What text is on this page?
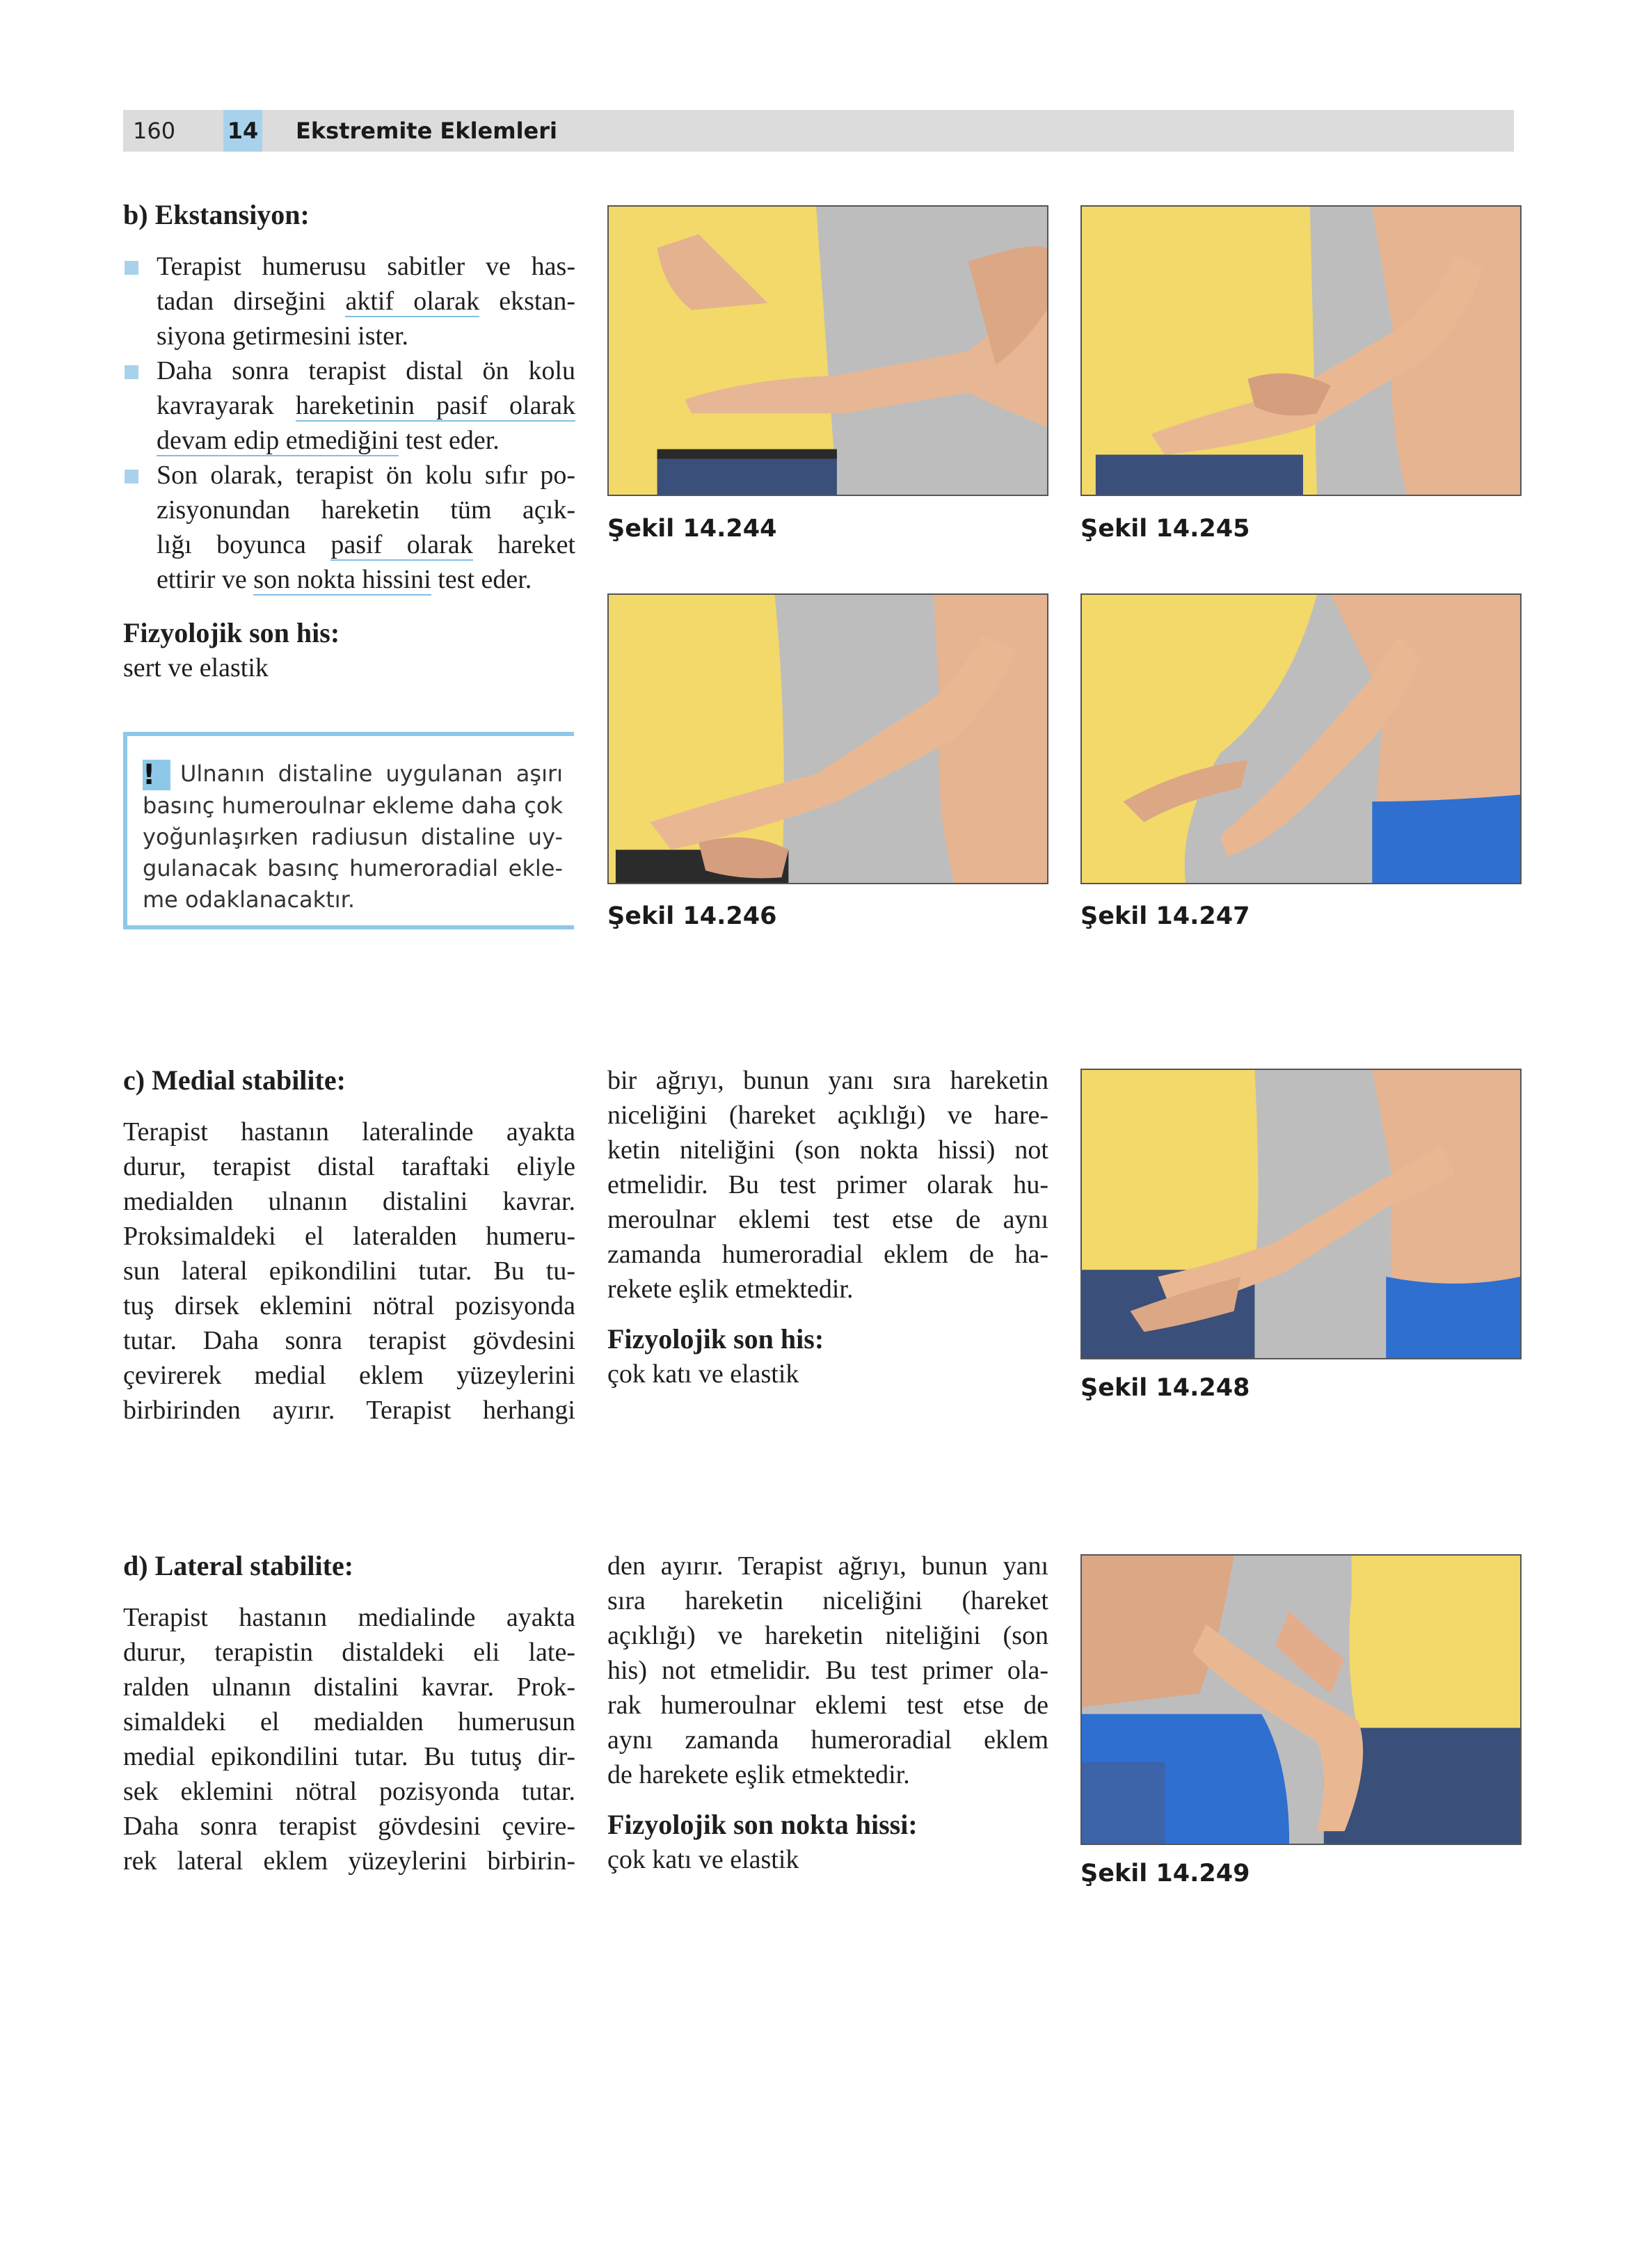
160 14 Ekstremite Eklemleri
b) Ekstansiyon:
Terapist humerusu sabitler ve has-
tadan dirseğini aktif olarak ekstan-
siyona getirmesini ister.
Daha sonra terapist distal ön kolu
kavrayarak hareketinin pasif olarak
devam edip etmediğini test eder.
Son olarak, terapist ön kolu sıfır po-
zisyonundan hareketin tüm açık-
lığı boyunca pasif olarak hareket
ettirir ve son nokta hissini test eder.
Fizyolojik son his:
sert ve elastik
! Ulnanın distaline uygulanan aşırı
basınç humeroulnar ekleme daha çok
yoğunlaşırken radiusun distaline uy-
gulanacak basınç humeroradial ekle-
me odaklanacaktır.
Şekil 14.244	Şekil 14.245
Şekil 14.246	Şekil 14.247
c) Medial stabilite:
Terapist hastanın lateralinde ayakta
durur, terapist distal taraftaki eliyle
medialden ulnanın distalini kavrar.
Proksimaldeki el lateralden humeru-
sun lateral epikondilini tutar. Bu tu-
tuş dirsek eklemini nötral pozisyonda
tutar. Daha sonra terapist gövdesini
çevirerek medial eklem yüzeylerini
birbirinden ayırır. Terapist herhangi
bir ağrıyı, bunun yanı sıra hareketin
niceliğini (hareket açıklığı) ve hare-
ketin niteliğini (son nokta hissi) not
etmelidir. Bu test primer olarak hu-
meroulnar eklemi test etse de aynı
zamanda humeroradial eklem de ha-
rekete eşlik etmektedir.
Fizyolojik son his:
çok katı ve elastik	Şekil 14.248
d) Lateral stabilite:
Terapist hastanın medialinde ayakta
durur, terapistin distaldeki eli late-
ralden ulnanın distalini kavrar. Prok-
simaldeki el medialden humerusun
medial epikondilini tutar. Bu tutuş dir-
sek eklemini nötral pozisyonda tutar.
Daha sonra terapist gövdesini çevire-
rek lateral eklem yüzeylerini birbirin-
den ayırır. Terapist ağrıyı, bunun yanı
sıra hareketin niceliğini (hareket
açıklığı) ve hareketin niteliğini (son
his) not etmelidir. Bu test primer ola-
rak humeroulnar eklemi test etse de
aynı zamanda humeroradial eklem
de harekete eşlik etmektedir.
Fizyolojik son nokta hissi:
çok katı ve elastik	Şekil 14.249
